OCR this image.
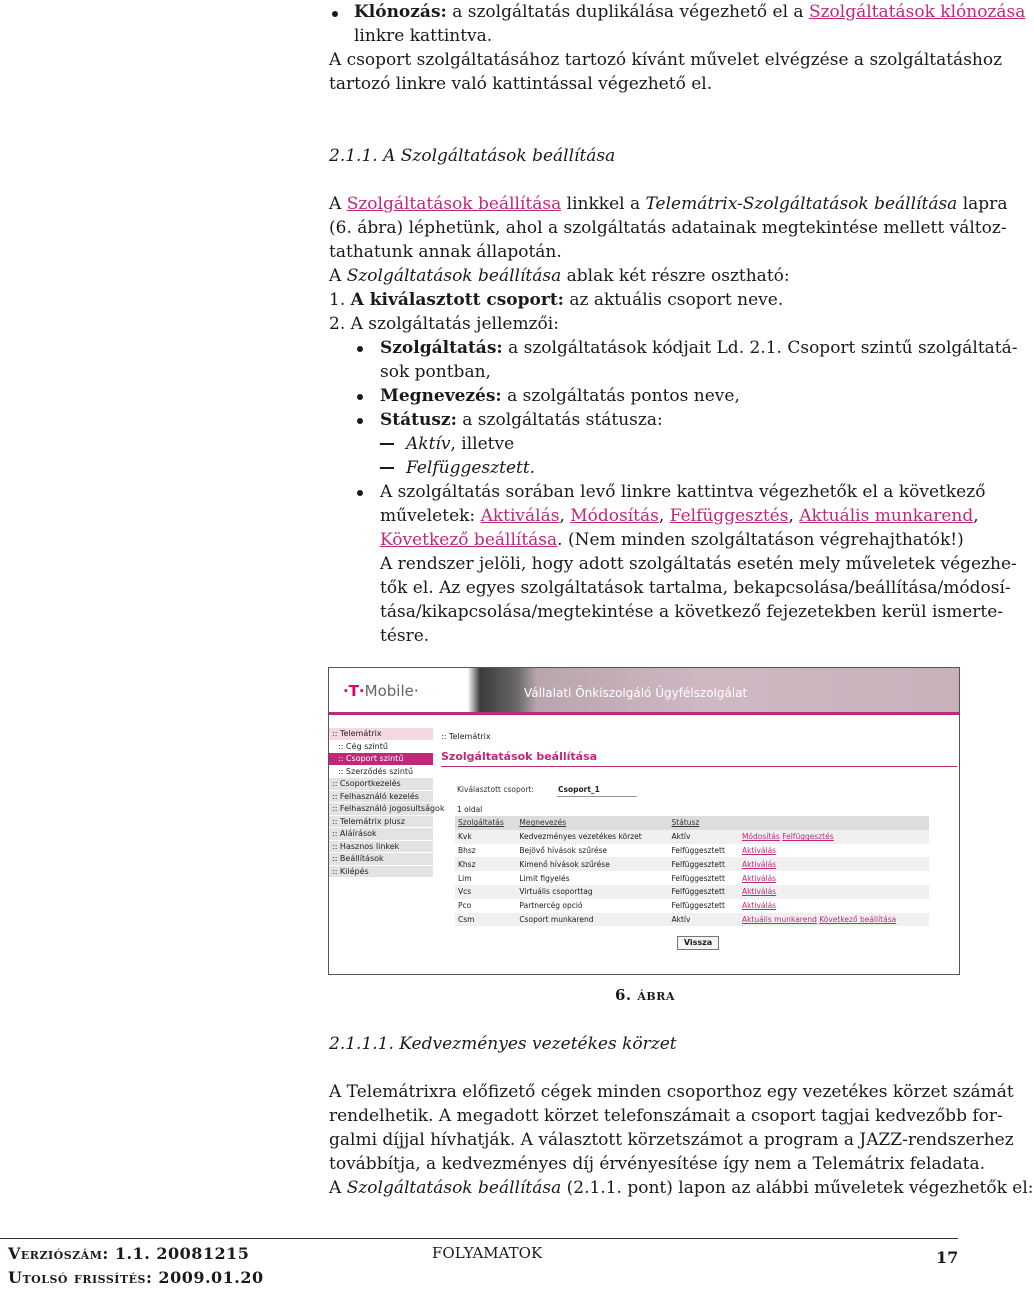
Klónozás: a szolgáltatás duplikálása végezhető el a Szolgáltatások klónozása
linkre kattintva.
A csoport szolgáltatásához tartozó kívánt művelet elvégzése a szolgáltatáshoz
tartozó linkre való kattintással végezhető el.
2.1.1. A Szolgáltatások beállítása
A Szolgáltatások beállítása linkkel a Telemátrix-Szolgáltatások beállítása lapra
(6. ábra) léphetünk, ahol a szolgáltatás adatainak megtekintése mellett változ-
tathatunk annak állapotán.
A Szolgáltatások beállítása ablak két részre osztható:
1. A kiválasztott csoport: az aktuális csoport neve.
2. A szolgáltatás jellemzői:
Szolgáltatás: a szolgáltatások kódjait Ld. 2.1. Csoport szintű szolgáltatá-
sok pontban,
Megnevezés: a szolgáltatás pontos neve,
Státusz: a szolgáltatás státusza:
Aktív, illetve
Felfüggesztett.
A szolgáltatás sorában levő linkre kattintva végezhetők el a következő
műveletek: Aktiválás, Módosítás, Felfüggesztés, Aktuális munkarend,
Következő beállítása. (Nem minden szolgáltatáson végrehajthatók!)
A rendszer jelöli, hogy adott szolgáltatás esetén mely műveletek végezhe-
tők el. Az egyes szolgáltatások tartalma, bekapcsolása/beállítása/módosí-
tása/kikapcsolása/megtekintése a következő fejezetekben kerül ismerte-
tésre.
·T·Mobile·	Vállalati Önkiszolgáló Ügyfélszolgálat
:: Telemátrix
:: Cég szintű
:: Csoport szintű
:: Szerződés szintű
:: Csoportkezelés
:: Felhasználó kezelés
:: Felhasználó jogosultságok
:: Telemátrix plusz
:: Aláírások
:: Hasznos linkek
:: Beállítások
:: Kilépés
:: Telemátrix
Szolgáltatások beállítása
Kiválasztott csoport:	Csoport_1
1 oldal
Szolgáltatás	Megnevezés	Státusz	
Kvk	Kedvezményes vezetékes körzet	Aktív	Módosítás Felfüggesztés
Bhsz	Bejövő hívások szűrése	Felfüggesztett	Aktiválás
Khsz	Kimenő hívások szűrése	Felfüggesztett	Aktiválás
Lim	Limit figyelés	Felfüggesztett	Aktiválás
Vcs	Virtuális csoporttag	Felfüggesztett	Aktiválás
Pco	Partnercég opció	Felfüggesztett	Aktiválás
Csm	Csoport munkarend	Aktív	Aktuális munkarend Következő beállítása
Vissza
6. ábra
2.1.1.1. Kedvezményes vezetékes körzet
A Telemátrixra előfizető cégek minden csoporthoz egy vezetékes körzet számát
rendelhetik. A megadott körzet telefonszámait a csoport tagjai kedvezőbb for-
galmi díjjal hívhatják. A választott körzetszámot a program a JAZZ-rendszerhez
továbbítja, a kedvezményes díj érvényesítése így nem a Telemátrix feladata.
A Szolgáltatások beállítása (2.1.1. pont) lapon az alábbi műveletek végezhetők el:
Verziószám: 1.1. 20081215
Utolsó frissítés: 2009.01.20
FOLYAMATOK	17
